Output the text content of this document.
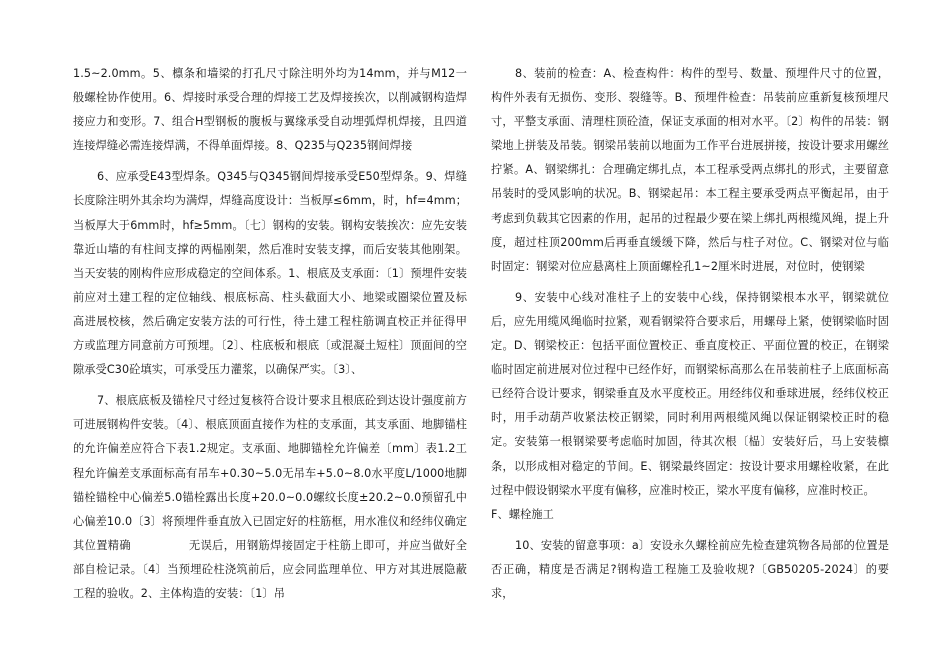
1.5~2.0mm。5、檩条和墙梁的打孔尺寸除注明外均为14mm，并与M12一般螺栓协作使用。6、焊接时承受合理的焊接工艺及焊接挨次，以削减钢构造焊接应力和变形。7、组合H型钢板的腹板与翼缘承受自动埋弧焊机焊接，且四道连接焊缝必需连接焊满，不得单面焊接。8、Q235与Q235钢间焊接

6、应承受E43型焊条。Q345与Q345钢间焊接承受E50型焊条。9、焊缝长度除注明外其余均为满焊，焊缝高度设计：当板厚≤6mm，时，hf=4mm；当板厚大于6mm时，hf≥5mm。〔七〕钢构的安装。钢构安装挨次：应先安装靠近山墙的有柱间支撑的两榀刚架，然后准时安装支撑，而后安装其他刚架。当天安装的刚构件应形成稳定的空间体系。1、根底及支承面：〔1〕预埋件安装前应对土建工程的定位轴线、根底标高、柱头截面大小、地梁或圈梁位置及标高进展校核，然后确定安装方法的可行性，待土建工程柱筋调直校正并征得甲方或监理方同意前方可预埋。〔2〕、柱底板和根底〔或混凝土短柱〕顶面间的空隙承受C30砼填实，可承受压力灌浆，以确保严实。〔3〕、

7、根底底板及锚栓尺寸经过复核符合设计要求且根底砼到达设计强度前方可进展钢构件安装。〔4〕、根底顶面直接作为柱的支承面，其支承面、地脚锚柱的允许偏差应符合下表1.2规定。支承面、地脚锚栓允许偏差〔mm〕表1.2工程允许偏差支承面标高有吊车+0.30~5.0无吊车+5.0~8.0水平度L/1000地脚锚栓锚栓中心偏差5.0锚栓露出长度+20.0~0.0螺纹长度±20.2~0.0预留孔中心偏差10.0〔3〕将预埋件垂直放入已固定好的柱筋框，用水准仪和经纬仪确定其位置精确　　　　　无误后，用钢筋焊接固定于柱筋上即可，并应当做好全部自检记录。〔4〕当预埋砼柱浇筑前后，应会同监理单位、甲方对其进展隐蔽工程的验收。2、主体构造的安装：〔1〕吊

8、装前的检查：A、检查构件：构件的型号、数量、预埋件尺寸的位置，构件外表有无损伤、变形、裂缝等。B、预埋件检查：吊装前应重新复核预埋尺寸，平整支承面、清理柱顶砼渣，保证支承面的相对水平。〔2〕构件的吊装：钢梁地上拼装及吊装。钢梁吊装前以地面为工作平台进展拼接，按设计要求用螺丝拧紧。A、钢梁绑扎：合理确定绑扎点，本工程承受两点绑扎的形式，主要留意吊装时的受风影响的状况。B、钢梁起吊：本工程主要承受两点平衡起吊，由于考虑到负载其它因素的作用，起吊的过程最少要在梁上绑扎两根缆风绳，提上升度，超过柱顶200mm后再垂直缓缓下降，然后与柱子对位。C、钢梁对位与临时固定：钢梁对位应悬离柱上顶面螺栓孔1~2厘米时进展，对位时，使钢梁

9、安装中心线对准柱子上的安装中心线，保持钢梁根本水平，钢梁就位后，应先用缆风绳临时拉紧，观看钢梁符合要求后，用螺母上紧，使钢梁临时固定。D、钢梁校正：包括平面位置校正、垂直度校正、平面位置的校正，在钢梁临时固定前进展对位过程中已经作好，而钢梁标高那么在吊装前柱子上底面标高已经符合设计要求，钢梁垂直及水平度校正。用经纬仪和垂球进展，经纬仪校正时，用手动葫芦收紧法校正钢梁，同时利用两根缆风绳以保证钢梁校正时的稳定。安装第一根钢梁要考虑临时加固，待其次根〔榀〕安装好后，马上安装檩条，以形成相对稳定的节间。E、钢梁最终固定：按设计要求用螺栓收紧，在此过程中假设钢梁水平度有偏移，应准时校正，梁水平度有偏移，应准时校正。

F、螺栓施工

10、安装的留意事项：a〕安设永久螺栓前应先检查建筑物各局部的位置是否正确，精度是否满足?钢构造工程施工及验收规?〔GB50205-2024〕的要求，
